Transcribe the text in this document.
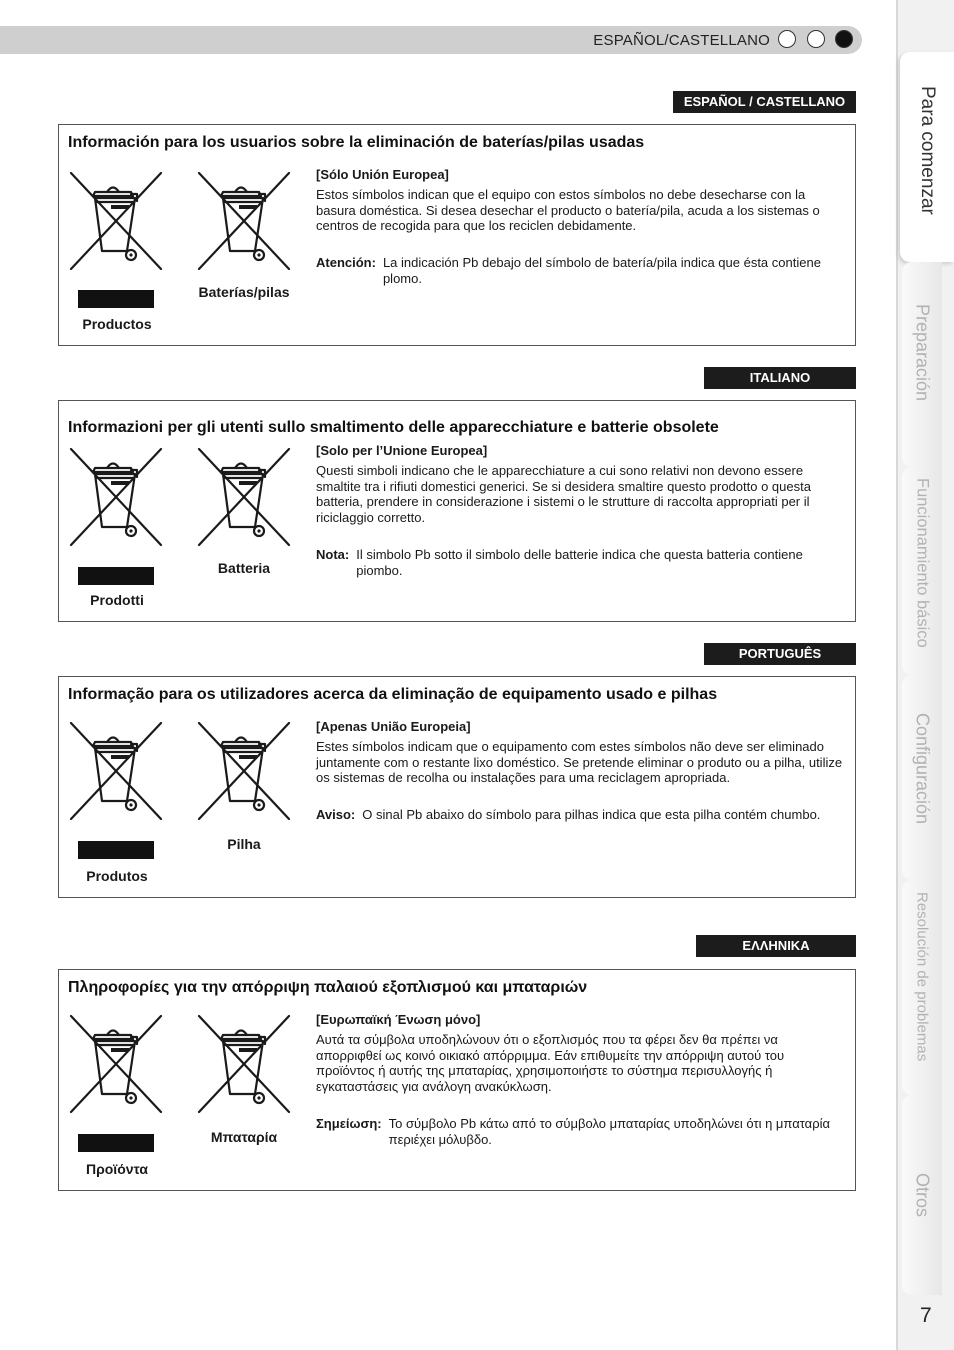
ESPAÑOL/CASTELLANO
Para comenzar
Preparación
Funcionamiento básico
Configuración
Resolución de problemas
Otros
7
ESPAÑOL / CASTELLANO
Información para los usuarios sobre la eliminación de baterías/pilas usadas
Productos
Baterías/pilas
[Sólo Unión Europea]
Estos símbolos indican que el equipo con estos símbolos no debe desecharse con la basura doméstica. Si desea desechar el producto o batería/pila, acuda a los sistemas o centros de recogida para que los reciclen debidamente.
Atención: La indicación Pb debajo del símbolo de batería/pila indica que ésta contiene plomo.
ITALIANO
Informazioni per gli utenti sullo smaltimento delle apparecchiature e batterie obsolete
Prodotti
Batteria
[Solo per l’Unione Europea]
Questi simboli indicano che le apparecchiature a cui sono relativi non devono essere smaltite tra i rifiuti domestici generici. Se si desidera smaltire questo prodotto o questa batteria, prendere in considerazione i sistemi o le strutture di raccolta appropriati per il riciclaggio corretto.
Nota: Il simbolo Pb sotto il simbolo delle batterie indica che questa batteria contiene piombo.
PORTUGUÊS
Informação para os utilizadores acerca da eliminação de equipamento usado e pilhas
Produtos
Pilha
[Apenas União Europeia]
Estes símbolos indicam que o equipamento com estes símbolos não deve ser eliminado juntamente com o restante lixo doméstico. Se pretende eliminar o produto ou a pilha, utilize os sistemas de recolha ou instalações para uma reciclagem apropriada.
Aviso: O sinal Pb abaixo do símbolo para pilhas indica que esta pilha contém chumbo.
ΕΛΛΗΝΙΚΑ
Πληροφορίες για την απόρριψη παλαιού εξοπλισμού και μπαταριών
Προϊόντα
Μπαταρία
[Ευρωπαϊκή Ένωση μόνο]
Αυτά τα σύμβολα υποδηλώνουν ότι ο εξοπλισμός που τα φέρει δεν θα πρέπει να απορριφθεί ως κοινό οικιακό απόρριμμα. Εάν επιθυμείτε την απόρριψη αυτού του προϊόντος ή αυτής της μπαταρίας, χρησιμοποιήστε το σύστημα περισυλλογής ή εγκαταστάσεις για ανάλογη ανακύκλωση.
Σημείωση: Το σύμβολο Pb κάτω από το σύμβολο μπαταρίας υποδηλώνει ότι η μπαταρία περιέχει μόλυβδο.
